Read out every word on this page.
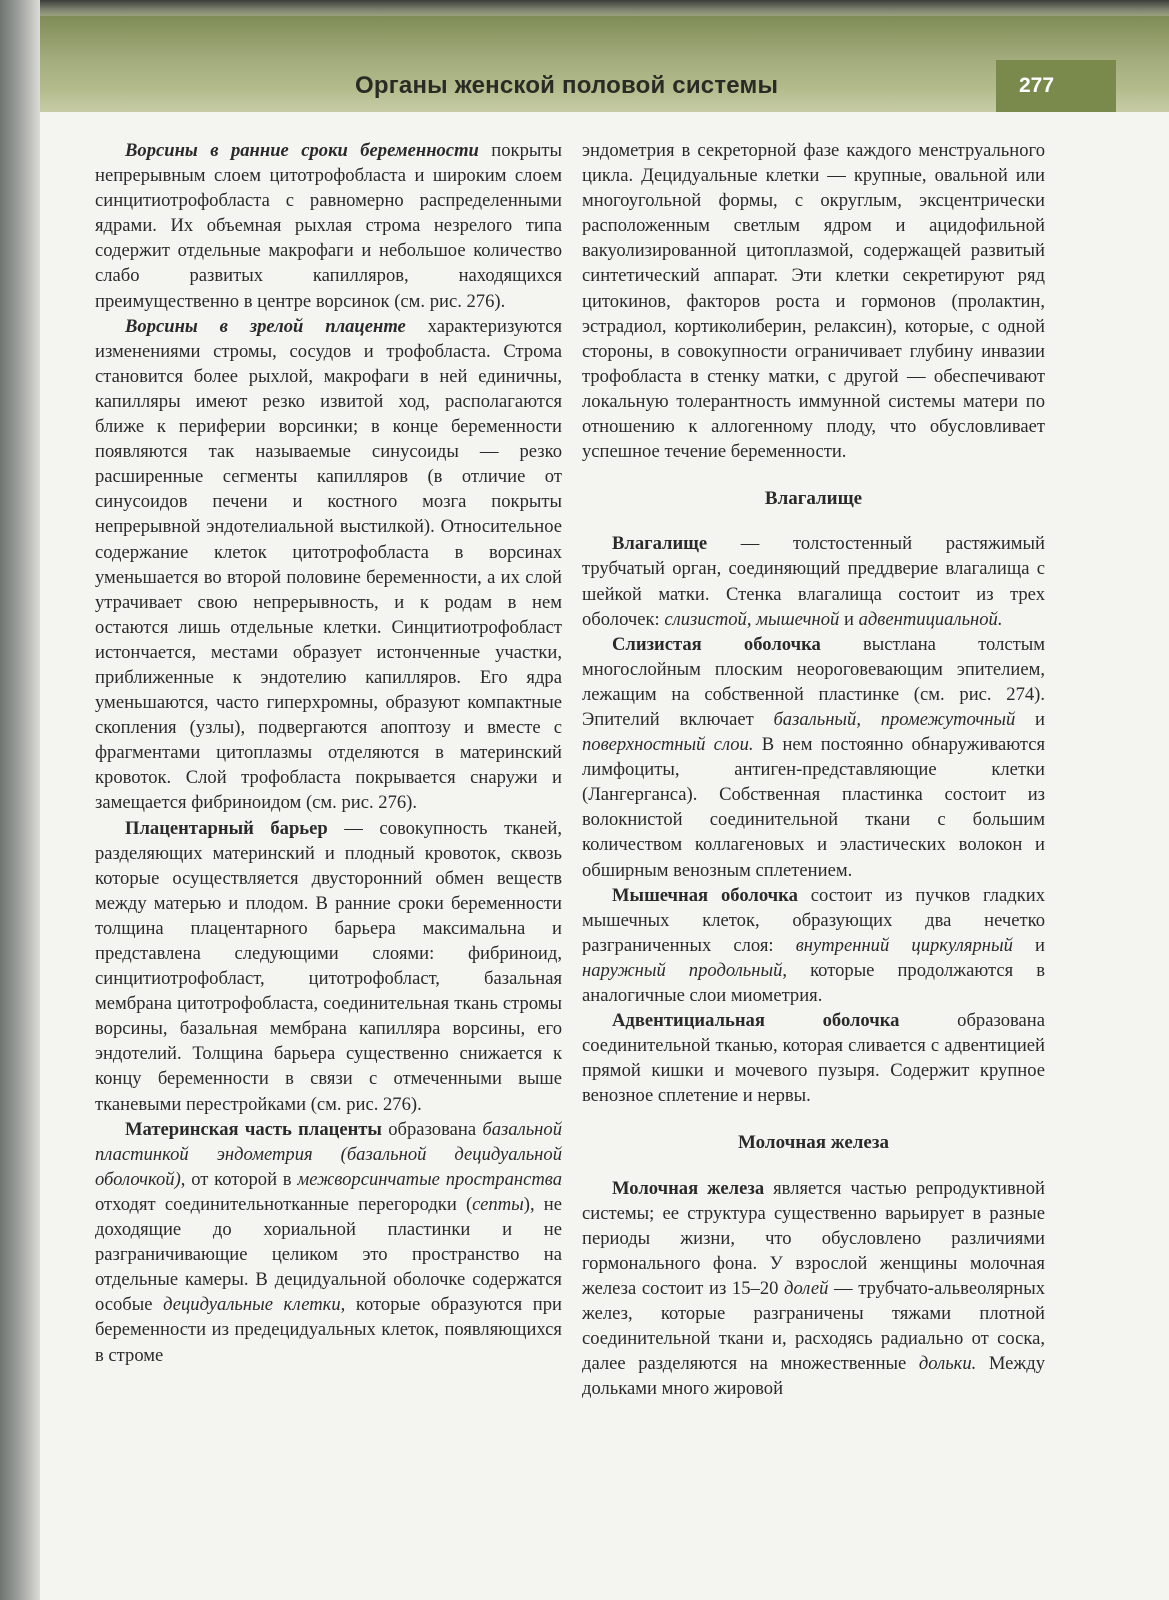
Органы женской половой системы	277

Ворсины в ранние сроки беременности покрыты непрерывным слоем цитотрофобласта и широким слоем синцитиотрофобласта с равномерно распределенными ядрами. Их объемная рыхлая строма незрелого типа содержит отдельные макрофаги и небольшое количество слабо развитых капилляров, находящихся преимущественно в центре ворсинок (см. рис. 276).

Ворсины в зрелой плаценте характеризуются изменениями стромы, сосудов и трофобласта. Строма становится более рыхлой, макрофаги в ней единичны, капилляры имеют резко извитой ход, располагаются ближе к периферии ворсинки; в конце беременности появляются так называемые синусоиды — резко расширенные сегменты капилляров (в отличие от синусоидов печени и костного мозга покрыты непрерывной эндотелиальной выстилкой). Относительное содержание клеток цитотрофобласта в ворсинах уменьшается во второй половине беременности, а их слой утрачивает свою непрерывность, и к родам в нем остаются лишь отдельные клетки. Синцитиотрофобласт истончается, местами образует истонченные участки, приближенные к эндотелию капилляров. Его ядра уменьшаются, часто гиперхромны, образуют компактные скопления (узлы), подвергаются апоптозу и вместе с фрагментами цитоплазмы отделяются в материнский кровоток. Слой трофобласта покрывается снаружи и замещается фибриноидом (см. рис. 276).

Плацентарный барьер — совокупность тканей, разделяющих материнский и плодный кровоток, сквозь которые осуществляется двусторонний обмен веществ между матерью и плодом. В ранние сроки беременности толщина плацентарного барьера максимальна и представлена следующими слоями: фибриноид, синцитиотрофобласт, цитотрофобласт, базальная мембрана цитотрофобласта, соединительная ткань стромы ворсины, базальная мембрана капилляра ворсины, его эндотелий. Толщина барьера существенно снижается к концу беременности в связи с отмеченными выше тканевыми перестройками (см. рис. 276).

Материнская часть плаценты образована базальной пластинкой эндометрия (базальной децидуальной оболочкой), от которой в межворсинчатые пространства отходят соединительнотканные перегородки (септы), не доходящие до хориальной пластинки и не разграничивающие целиком это пространство на отдельные камеры. В децидуальной оболочке содержатся особые децидуальные клетки, которые образуются при беременности из предецидуальных клеток, появляющихся в строме

эндометрия в секреторной фазе каждого менструального цикла. Децидуальные клетки — крупные, овальной или многоугольной формы, с округлым, эксцентрически расположенным светлым ядром и ацидофильной вакуолизированной цитоплазмой, содержащей развитый синтетический аппарат. Эти клетки секретируют ряд цитокинов, факторов роста и гормонов (пролактин, эстрадиол, кортиколиберин, релаксин), которые, с одной стороны, в совокупности ограничивает глубину инвазии трофобласта в стенку матки, с другой — обеспечивают локальную толерантность иммунной системы матери по отношению к аллогенному плоду, что обусловливает успешное течение беременности.

Влагалище

Влагалище — толстостенный растяжимый трубчатый орган, соединяющий преддверие влагалища с шейкой матки. Стенка влагалища состоит из трех оболочек: слизистой, мышечной и адвентициальной.

Слизистая оболочка выстлана толстым многослойным плоским неороговевающим эпителием, лежащим на собственной пластинке (см. рис. 274). Эпителий включает базальный, промежуточный и поверхностный слои. В нем постоянно обнаруживаются лимфоциты, антиген-представляющие клетки (Лангерганса). Собственная пластинка состоит из волокнистой соединительной ткани с большим количеством коллагеновых и эластических волокон и обширным венозным сплетением.

Мышечная оболочка состоит из пучков гладких мышечных клеток, образующих два нечетко разграниченных слоя: внутренний циркулярный и наружный продольный, которые продолжаются в аналогичные слои миометрия.

Адвентициальная оболочка образована соединительной тканью, которая сливается с адвентицией прямой кишки и мочевого пузыря. Содержит крупное венозное сплетение и нервы.

Молочная железа

Молочная железа является частью репродуктивной системы; ее структура существенно варьирует в разные периоды жизни, что обусловлено различиями гормонального фона. У взрослой женщины молочная железа состоит из 15–20 долей — трубчато-альвеолярных желез, которые разграничены тяжами плотной соединительной ткани и, расходясь радиально от соска, далее разделяются на множественные дольки. Между дольками много жировой
